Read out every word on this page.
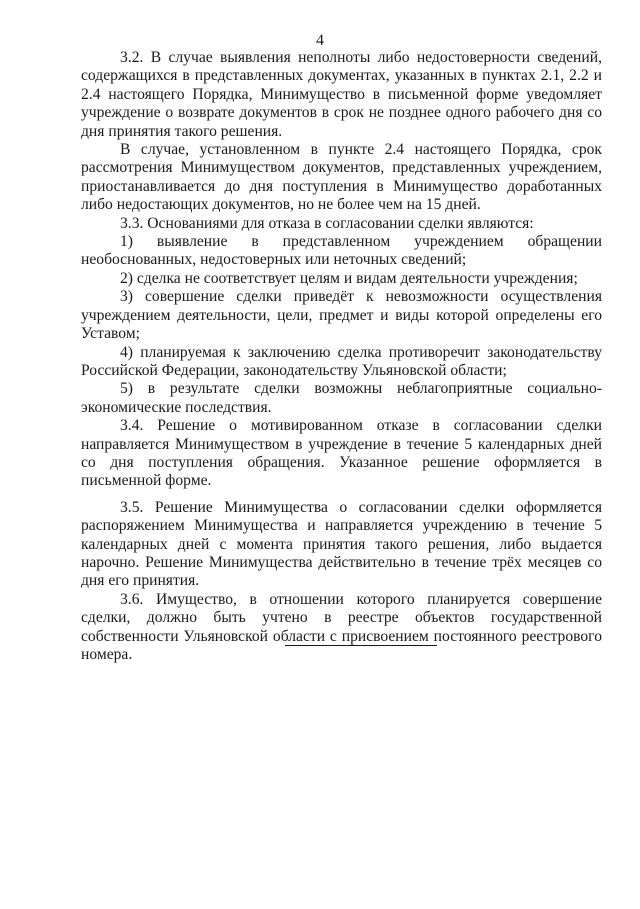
4

3.2. В случае выявления неполноты либо недостоверности сведений, содержащихся в представленных документах, указанных в пунктах 2.1, 2.2 и 2.4 настоящего Порядка, Минимущество в письменной форме уведомляет учреждение о возврате документов в срок не позднее одного рабочего дня со дня принятия такого решения.

В случае, установленном в пункте 2.4 настоящего Порядка, срок рассмотрения Минимуществом документов, представленных учреждением, приостанавливается до дня поступления в Минимущество доработанных либо недостающих документов, но не более чем на 15 дней.

3.3. Основаниями для отказа в согласовании сделки являются:

1) выявление в представленном учреждением обращении необоснованных, недостоверных или неточных сведений;

2) сделка не соответствует целям и видам деятельности учреждения;

3) совершение сделки приведёт к невозможности осуществления учреждением деятельности, цели, предмет и виды которой определены его Уставом;

4) планируемая к заключению сделка противоречит законодательству Российской Федерации, законодательству Ульяновской области;

5) в результате сделки возможны неблагоприятные социально-экономические последствия.

3.4. Решение о мотивированном отказе в согласовании сделки направляется Минимуществом в учреждение в течение 5 календарных дней со дня поступления обращения. Указанное решение оформляется в письменной форме.

3.5. Решение Минимущества о согласовании сделки оформляется распоряжением Минимущества и направляется учреждению в течение 5 календарных дней с момента принятия такого решения, либо выдается нарочно. Решение Минимущества действительно в течение трёх месяцев со дня его принятия.

3.6. Имущество, в отношении которого планируется совершение сделки, должно быть учтено в реестре объектов государственной собственности Ульяновской области с присвоением постоянного реестрового номера.
